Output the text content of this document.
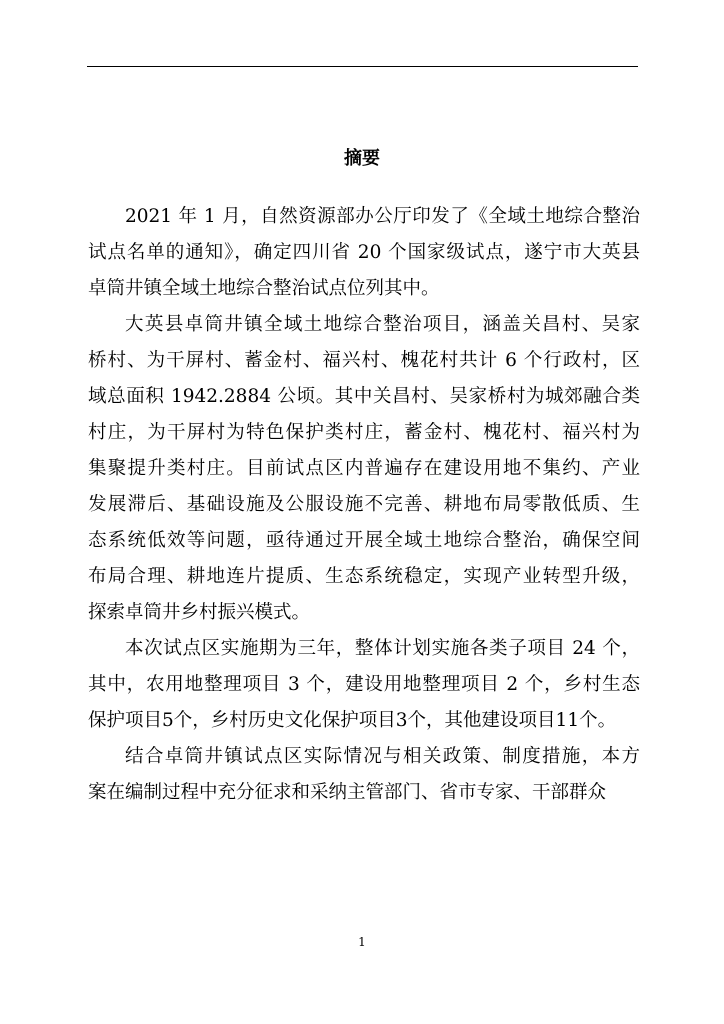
摘要
2021 年 1 月，自然资源部办公厅印发了《全域土地综合整治
试点名单的通知》，确定四川省 20 个国家级试点，遂宁市大英县
卓筒井镇全域土地综合整治试点位列其中。
大英县卓筒井镇全域土地综合整治项目，涵盖关昌村、吴家
桥村、为干屏村、蓄金村、福兴村、槐花村共计 6 个行政村，区
域总面积 1942.2884 公顷。其中关昌村、吴家桥村为城郊融合类
村庄，为干屏村为特色保护类村庄，蓄金村、槐花村、福兴村为
集聚提升类村庄。目前试点区内普遍存在建设用地不集约、产业
发展滞后、基础设施及公服设施不完善、耕地布局零散低质、生
态系统低效等问题，亟待通过开展全域土地综合整治，确保空间
布局合理、耕地连片提质、生态系统稳定，实现产业转型升级，
探索卓筒井乡村振兴模式。
本次试点区实施期为三年，整体计划实施各类子项目 24 个，
其中，农用地整理项目 3 个，建设用地整理项目 2 个，乡村生态
保护项目5个，乡村历史文化保护项目3个，其他建设项目11个。
结合卓筒井镇试点区实际情况与相关政策、制度措施，本方
案在编制过程中充分征求和采纳主管部门、省市专家、干部群众
1
